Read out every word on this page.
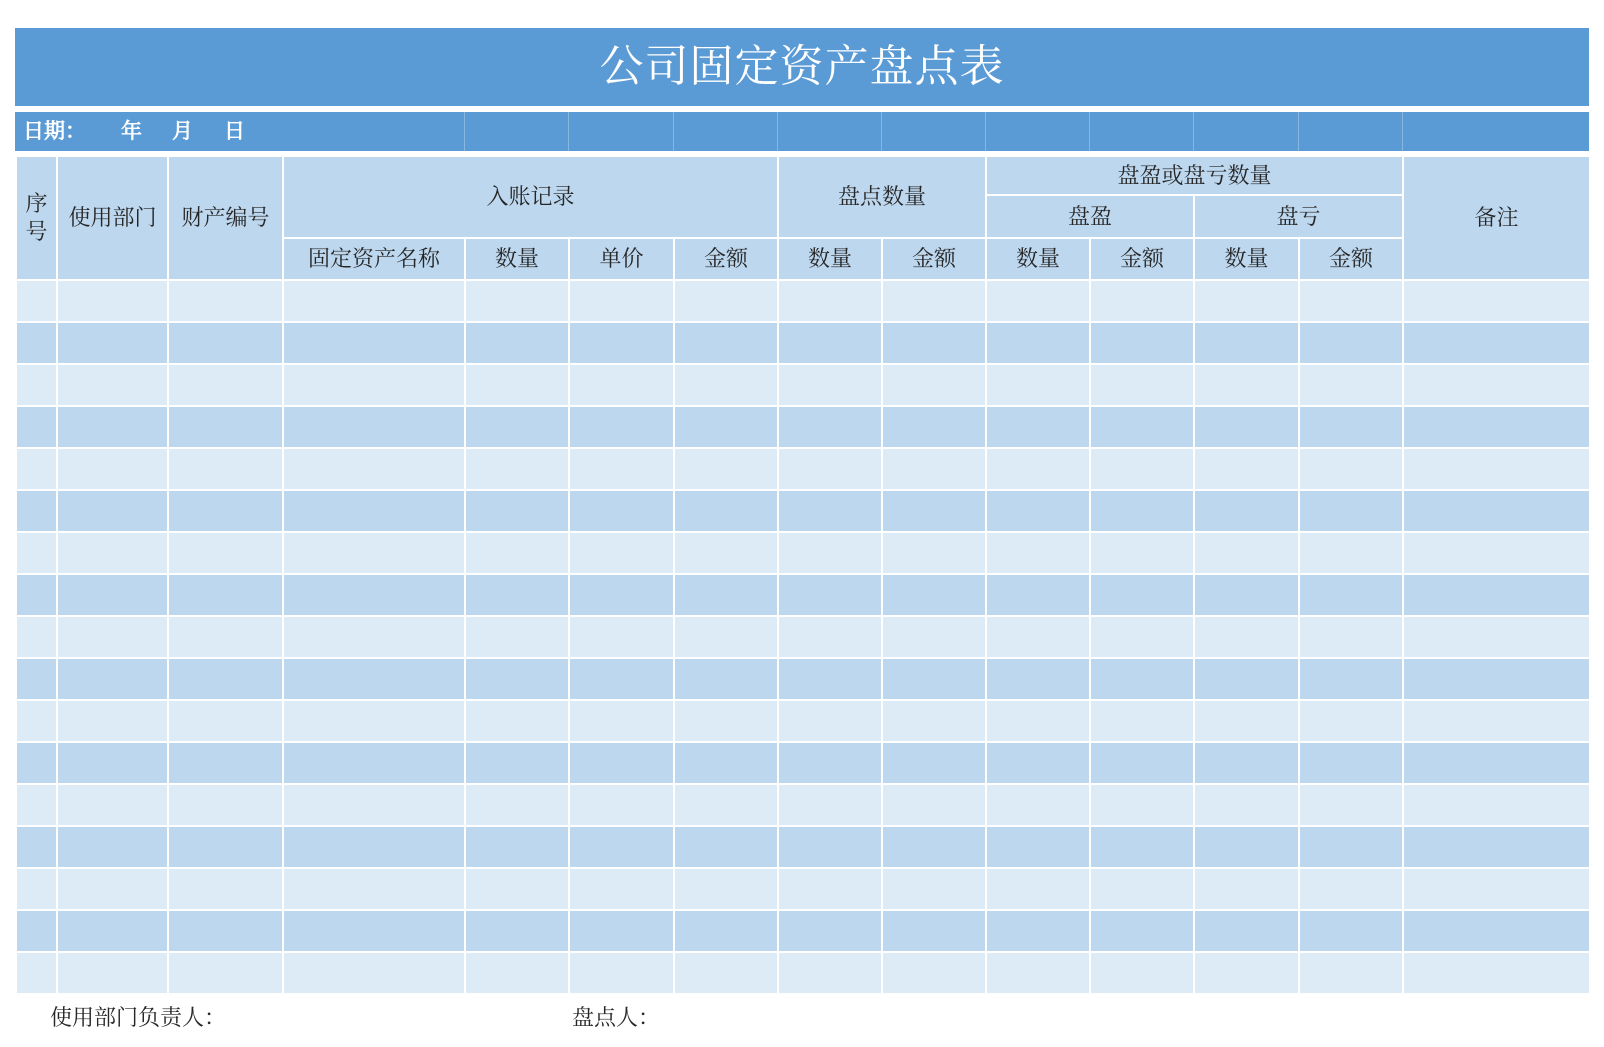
公司固定资产盘点表
日期： 年 月 日

序号	使用部门	财产编号	入账记录				盘点数量		盘盈或盘亏数量				备注
									盘盈		盘亏		
			固定资产名称	数量	单价	金额	数量	金额	数量	金额	数量	金额	

使用部门负责人：	盘点人：
